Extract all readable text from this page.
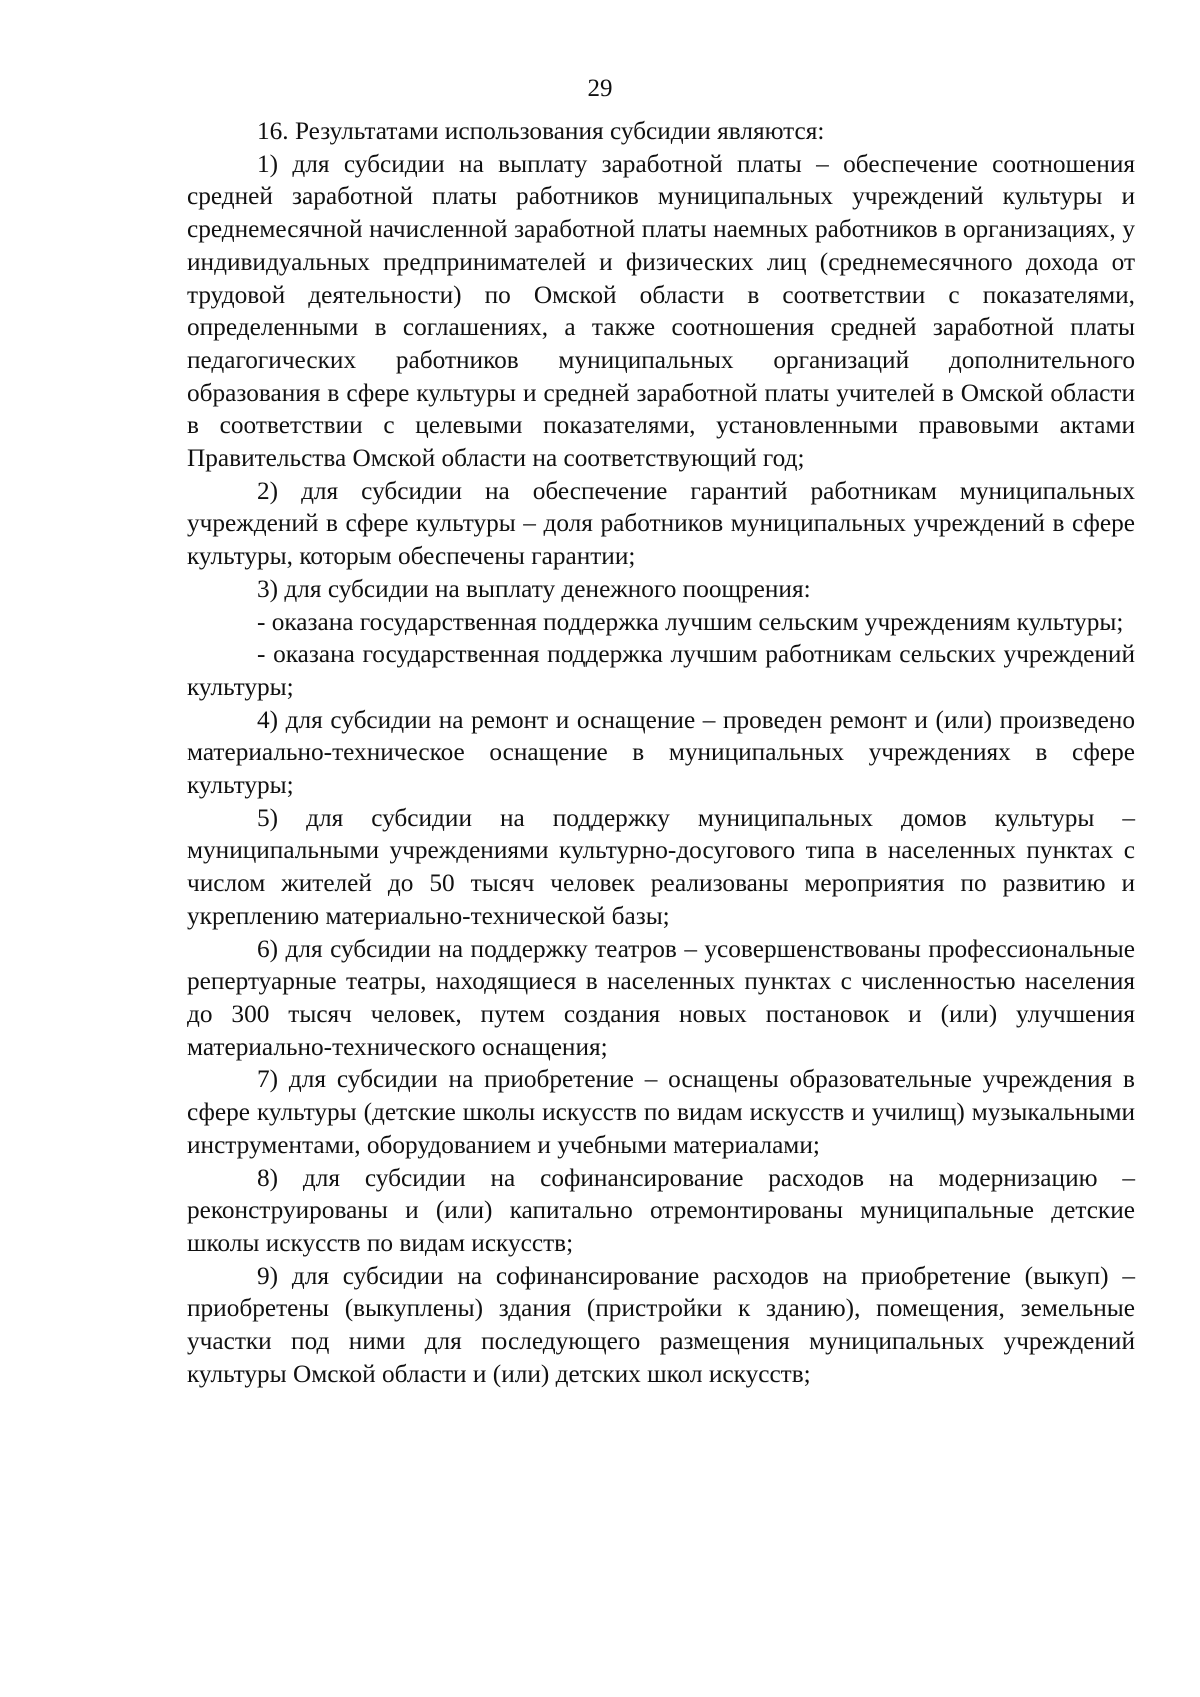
29

16. Результатами использования субсидии являются:

1) для субсидии на выплату заработной платы – обеспечение соотношения средней заработной платы работников муниципальных учреждений культуры и среднемесячной начисленной заработной платы наемных работников в организациях, у индивидуальных предпринимателей и физических лиц (среднемесячного дохода от трудовой деятельности) по Омской области в соответствии с показателями, определенными в соглашениях, а также соотношения средней заработной платы педагогических работников муниципальных организаций дополнительного образования в сфере культуры и средней заработной платы учителей в Омской области в соответствии с целевыми показателями, установленными правовыми актами Правительства Омской области на соответствующий год;

2) для субсидии на обеспечение гарантий работникам муниципальных учреждений в сфере культуры – доля работников муниципальных учреждений в сфере культуры, которым обеспечены гарантии;

3) для субсидии на выплату денежного поощрения:

- оказана государственная поддержка лучшим сельским учреждениям культуры;

- оказана государственная поддержка лучшим работникам сельских учреждений культуры;

4) для субсидии на ремонт и оснащение – проведен ремонт и (или) произведено материально-техническое оснащение в муниципальных учреждениях в сфере культуры;

5) для субсидии на поддержку муниципальных домов культуры – муниципальными учреждениями культурно-досугового типа в населенных пунктах с числом жителей до 50 тысяч человек реализованы мероприятия по развитию и укреплению материально-технической базы;

6) для субсидии на поддержку театров – усовершенствованы профессиональные репертуарные театры, находящиеся в населенных пунктах с численностью населения до 300 тысяч человек, путем создания новых постановок и (или) улучшения материально-технического оснащения;

7) для субсидии на приобретение – оснащены образовательные учреждения в сфере культуры (детские школы искусств по видам искусств и училищ) музыкальными инструментами, оборудованием и учебными материалами;

8) для субсидии на софинансирование расходов на модернизацию – реконструированы и (или) капитально отремонтированы муниципальные детские школы искусств по видам искусств;

9) для субсидии на софинансирование расходов на приобретение (выкуп) – приобретены (выкуплены) здания (пристройки к зданию), помещения, земельные участки под ними для последующего размещения муниципальных учреждений культуры Омской области и (или) детских школ искусств;
